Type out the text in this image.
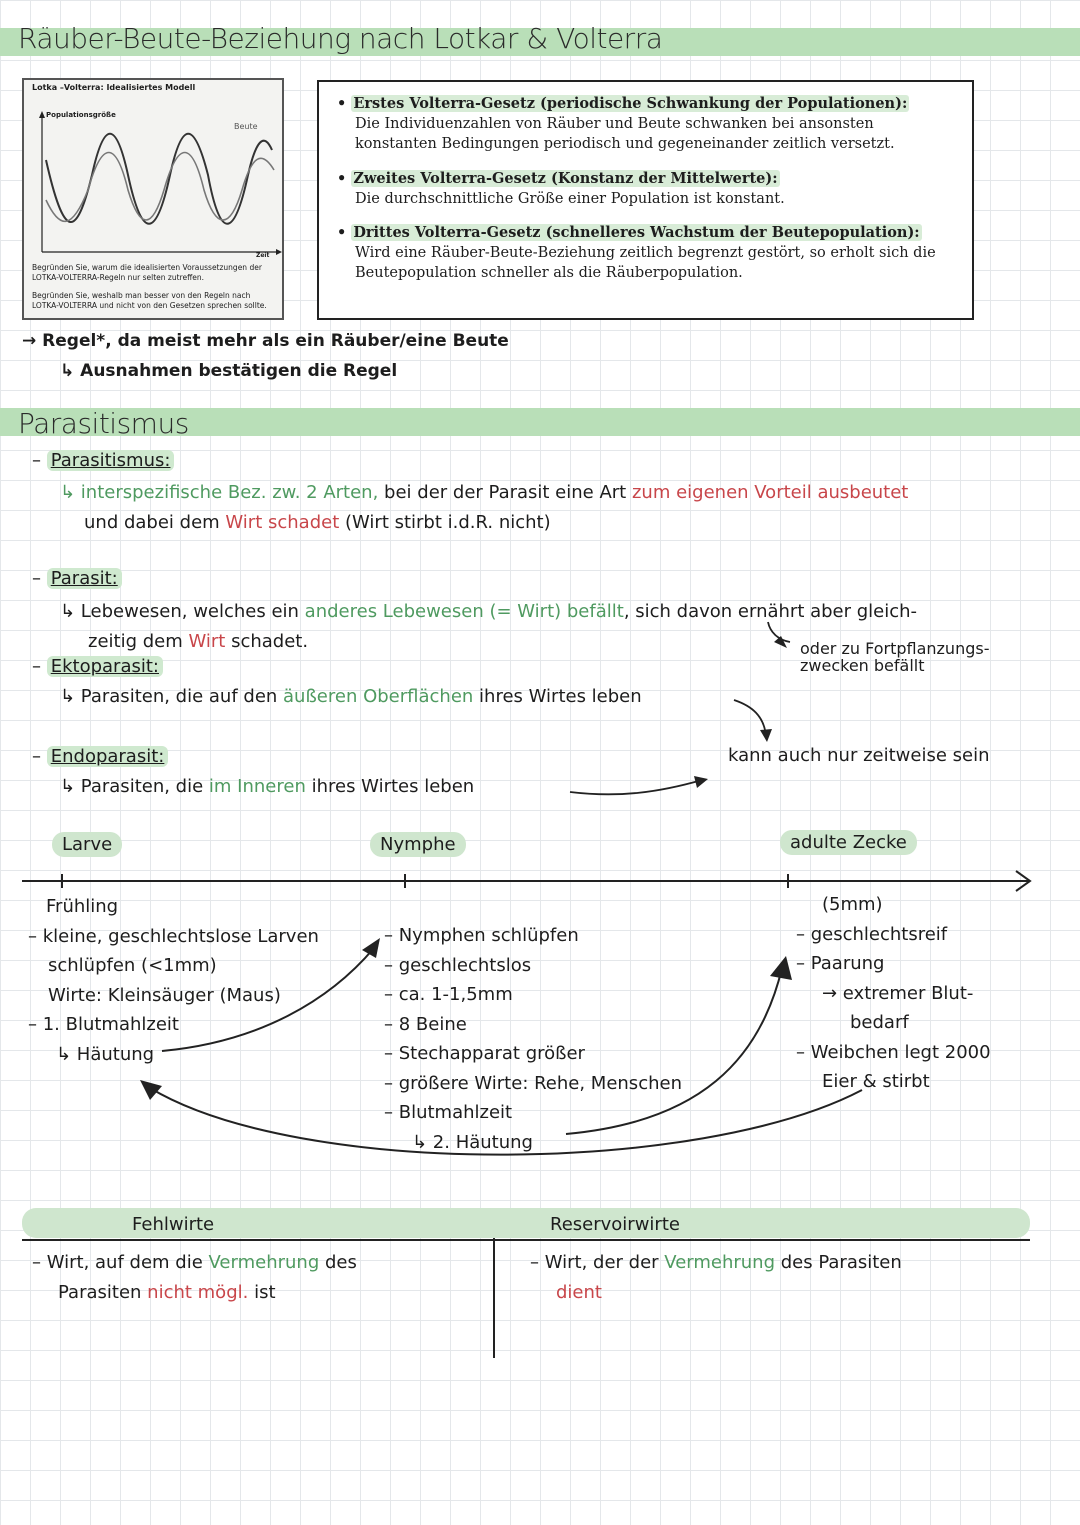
Räuber-Beute-Beziehung nach Lotkar & Volterra
Lotka –Volterra: Idealisiertes Modell
Populationsgröße
Beute
Zeit
Begründen Sie, warum die idealisierten Voraussetzungen der LOTKA-VOLTERRA-Regeln nur selten zutreffen.
Begründen Sie, weshalb man besser von den Regeln nach LOTKA-VOLTERRA und nicht von den Gesetzen sprechen sollte.
• Erstes Volterra-Gesetz (periodische Schwankung der Populationen):
Die Individuenzahlen von Räuber und Beute schwanken bei ansonsten konstanten Bedingungen periodisch und gegeneinander zeitlich versetzt.
• Zweites Volterra-Gesetz (Konstanz der Mittelwerte):
Die durchschnittliche Größe einer Population ist konstant.
• Drittes Volterra-Gesetz (schnelleres Wachstum der Beutepopulation):
Wird eine Räuber-Beute-Beziehung zeitlich begrenzt gestört, so erholt sich die Beutepopulation schneller als die Räuberpopulation.
→ Regel*, da meist mehr als ein Räuber/eine Beute
↳ Ausnahmen bestätigen die Regel
Parasitismus
– Parasitismus:
↳ interspezifische Bez. zw. 2 Arten, bei der der Parasit eine Art zum eigenen Vorteil ausbeutet
und dabei dem Wirt schadet (Wirt stirbt i.d.R. nicht)
– Parasit:
↳ Lebewesen, welches ein anderes Lebewesen (= Wirt) befällt, sich davon ernährt aber gleich-
zeitig dem Wirt schadet.	oder zu Fortpflanzungs- zwecken befällt
– Ektoparasit:
↳ Parasiten, die auf den äußeren Oberflächen ihres Wirtes leben
– Endoparasit:
↳ Parasiten, die im Inneren ihres Wirtes leben
kann auch nur zeitweise sein
Larve	Nymphe	adulte Zecke
Frühling
– kleine, geschlechtslose Larven
schlüpfen (<1mm)
Wirte: Kleinsäuger (Maus)
– 1. Blutmahlzeit
↳ Häutung
– Nymphen schlüpfen
– geschlechtslos
– ca. 1-1,5mm
– 8 Beine
– Stechapparat größer
– größere Wirte: Rehe, Menschen
– Blutmahlzeit
↳ 2. Häutung
(5mm)
– geschlechtsreif
– Paarung
→ extremer Blut-
bedarf
– Weibchen legt 2000
Eier & stirbt
Fehlwirte	Reservoirwirte
– Wirt, auf dem die Vermehrung des
Parasiten nicht mögl. ist
– Wirt, der der Vermehrung des Parasiten
dient
